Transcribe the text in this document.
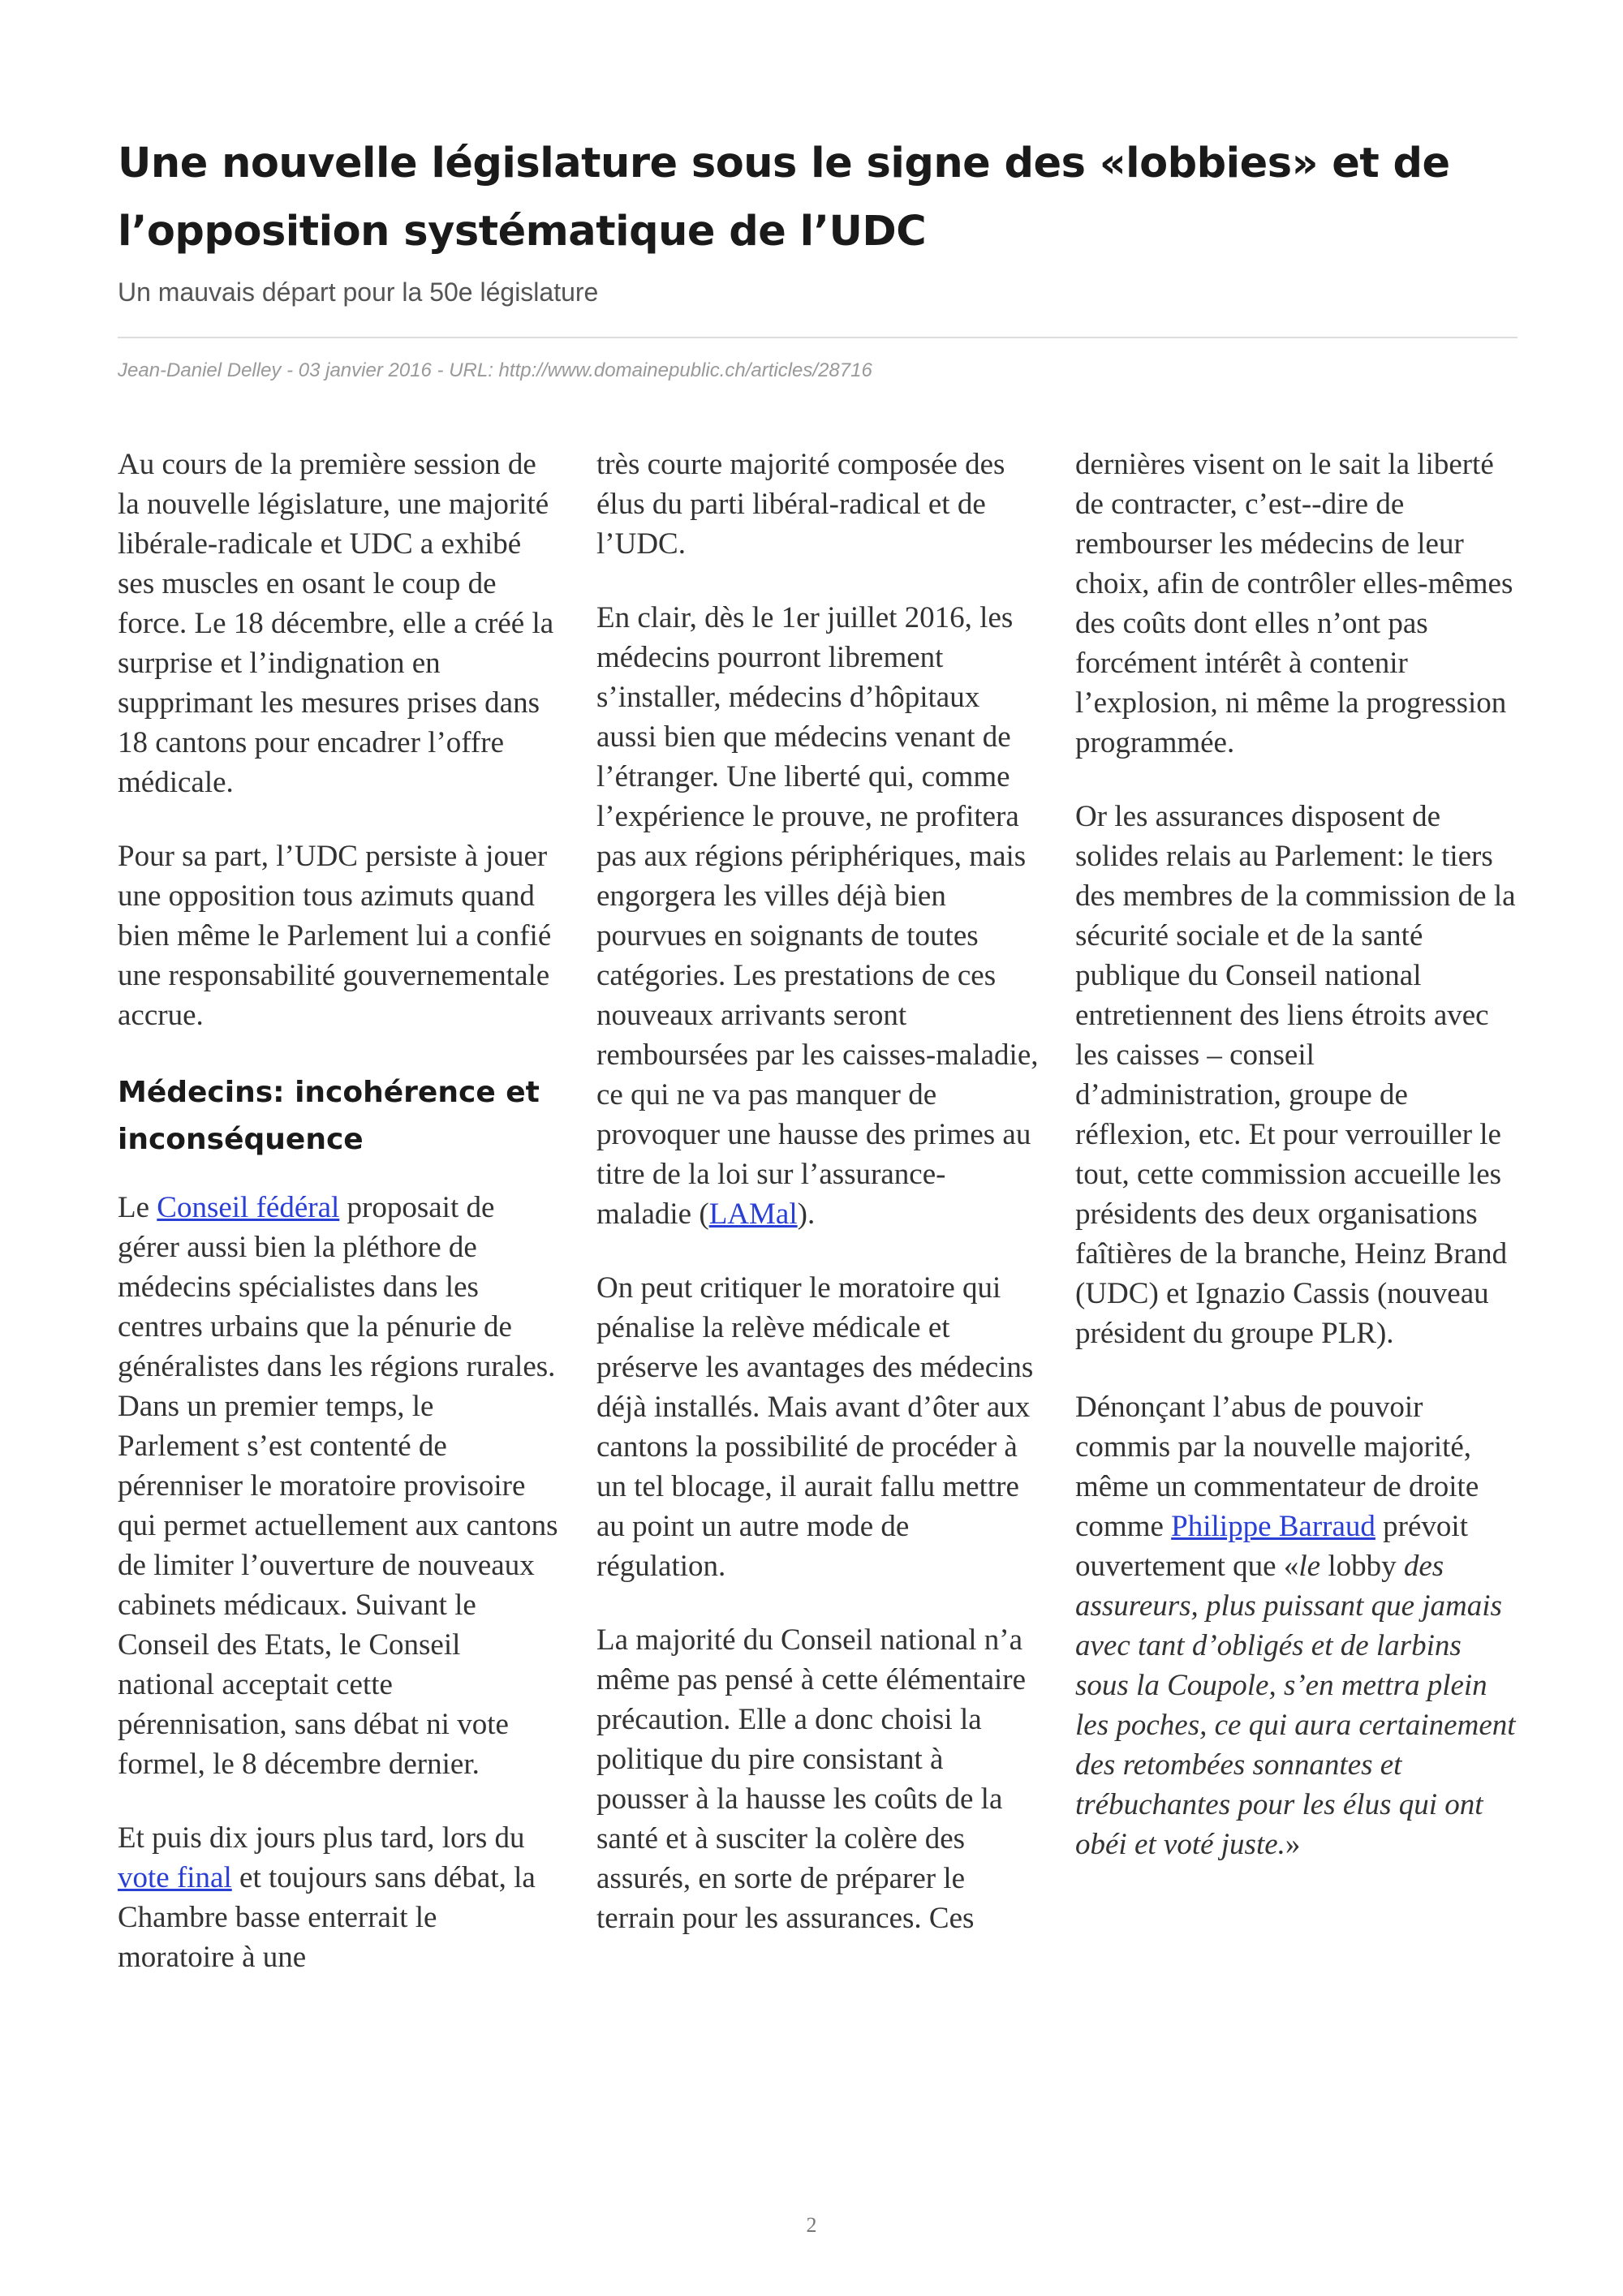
Une nouvelle législature sous le signe des «lobbies» et de l’opposition systématique de l’UDC
Un mauvais départ pour la 50e législature
Jean-Daniel Delley - 03 janvier 2016 - URL: http://www.domainepublic.ch/articles/28716

Au cours de la première session de la nouvelle législature, une majorité libérale-radicale et UDC a exhibé ses muscles en osant le coup de force. Le 18 décembre, elle a créé la surprise et l’indignation en supprimant les mesures prises dans 18 cantons pour encadrer l’offre médicale.

Pour sa part, l’UDC persiste à jouer une opposition tous azimuts quand bien même le Parlement lui a confié une responsabilité gouvernementale accrue.

Médecins: incohérence et inconséquence

Le Conseil fédéral proposait de gérer aussi bien la pléthore de médecins spécialistes dans les centres urbains que la pénurie de généralistes dans les régions rurales. Dans un premier temps, le Parlement s’est contenté de pérenniser le moratoire provisoire qui permet actuellement aux cantons de limiter l’ouverture de nouveaux cabinets médicaux. Suivant le Conseil des Etats, le Conseil national acceptait cette pérennisation, sans débat ni vote formel, le 8 décembre dernier.

Et puis dix jours plus tard, lors du vote final et toujours sans débat, la Chambre basse enterrait le moratoire à une

très courte majorité composée des élus du parti libéral-radical et de l’UDC.

En clair, dès le 1er juillet 2016, les médecins pourront librement s’installer, médecins d’hôpitaux aussi bien que médecins venant de l’étranger. Une liberté qui, comme l’expérience le prouve, ne profitera pas aux régions périphériques, mais engorgera les villes déjà bien pourvues en soignants de toutes catégories. Les prestations de ces nouveaux arrivants seront remboursées par les caisses-maladie, ce qui ne va pas manquer de provoquer une hausse des primes au titre de la loi sur l’assurance-maladie (LAMal).

On peut critiquer le moratoire qui pénalise la relève médicale et préserve les avantages des médecins déjà installés. Mais avant d’ôter aux cantons la possibilité de procéder à un tel blocage, il aurait fallu mettre au point un autre mode de régulation.

La majorité du Conseil national n’a même pas pensé à cette élémentaire précaution. Elle a donc choisi la politique du pire consistant à pousser à la hausse les coûts de la santé et à susciter la colère des assurés, en sorte de préparer le terrain pour les assurances. Ces

dernières visent on le sait la liberté de contracter, c’est--dire de rembourser les médecins de leur choix, afin de contrôler elles-mêmes des coûts dont elles n’ont pas forcément intérêt à contenir l’explosion, ni même la progression programmée.

Or les assurances disposent de solides relais au Parlement: le tiers des membres de la commission de la sécurité sociale et de la santé publique du Conseil national entretiennent des liens étroits avec les caisses – conseil d’administration, groupe de réflexion, etc. Et pour verrouiller le tout, cette commission accueille les présidents des deux organisations faîtières de la branche, Heinz Brand (UDC) et Ignazio Cassis (nouveau président du groupe PLR).

Dénonçant l’abus de pouvoir commis par la nouvelle majorité, même un commentateur de droite comme Philippe Barraud prévoit ouvertement que «le lobby des assureurs, plus puissant que jamais avec tant d’obligés et de larbins sous la Coupole, s’en mettra plein les poches, ce qui aura certainement des retombées sonnantes et trébuchantes pour les élus qui ont obéi et voté juste.»

2
